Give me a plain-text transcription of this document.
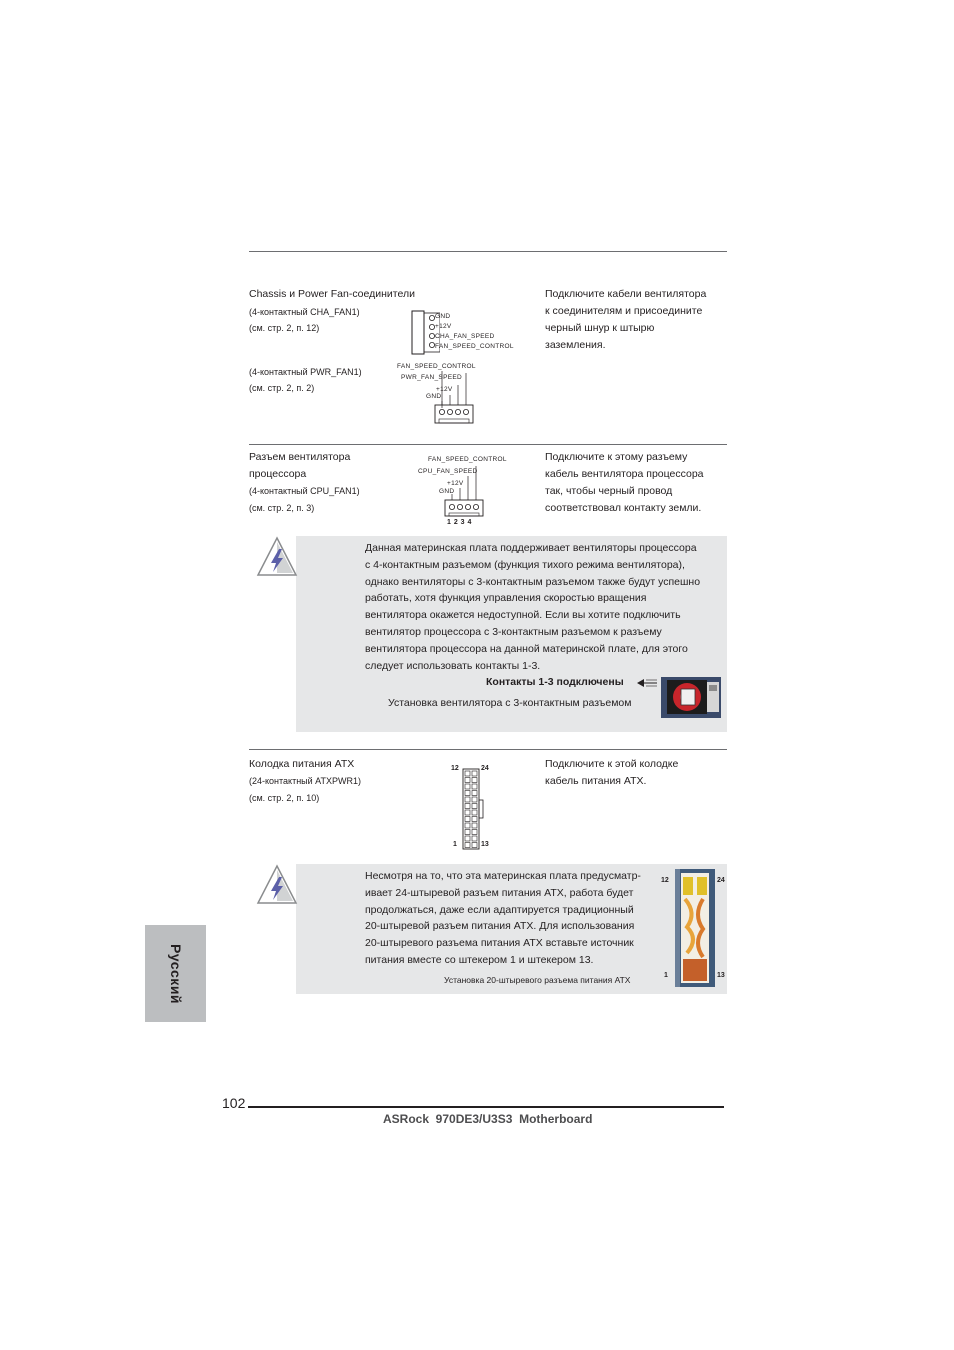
Chassis и Power Fan-соединители
(4-контактный CHA_FAN1)
(см. стр. 2, п. 12)
(4-контактный PWR_FAN1)
(см. стр. 2, п. 2)
Подключите кабели вентилятора
к соединителям и присоедините
черный шнур к штырю
заземления.
GND
+12V
CHA_FAN_SPEED
FAN_SPEED_CONTROL
FAN_SPEED_CONTROL
PWR_FAN_SPEED
+12V
GND
Разъем вентилятора
процессора
(4-контактный CPU_FAN1)
(см. стр. 2, п. 3)
Подключите к этому разъему
кабель вентилятора процессора
так, чтобы черный провод
соответствовал контакту земли.
FAN_SPEED_CONTROL
CPU_FAN_SPEED
+12V
GND
1 2 3 4
Данная материнская плата поддерживает вентиляторы процессора
с 4-контактным разъемом (функция тихого режима вентилятора),
однако вентиляторы с 3-контактным разъемом также будут успешно
работать, хотя функция управления скоростью вращения
вентилятора окажется недоступной. Если вы хотите подключить
вентилятор процессора с 3-контактным разъемом к разъему
вентилятора процессора на данной материнской плате, для этого
следует использовать контакты 1-3.
Контакты 1-3 подключены
Установка вентилятора с 3-контактным разъемом
Колодка питания ATX
(24-контактный ATXPWR1)
(см. стр. 2, п. 10)
Подключите к этой колодке
кабель питания ATX.
12	24
1	13
Несмотря на то, что эта материнская плата предусматр-
ивает 24-штыревой разъем питания ATX, работа будет
продолжаться, даже если адаптируется традиционный
20-штыревой разъем питания ATX. Для использования
20-штыревого разъема питания ATX вставьте источник
питания вместе со штекером 1 и штекером 13.
Установка 20-штыревого разъема питания ATX
12	24
1	13
Русский
102
ASRock  970DE3/U3S3  Motherboard
